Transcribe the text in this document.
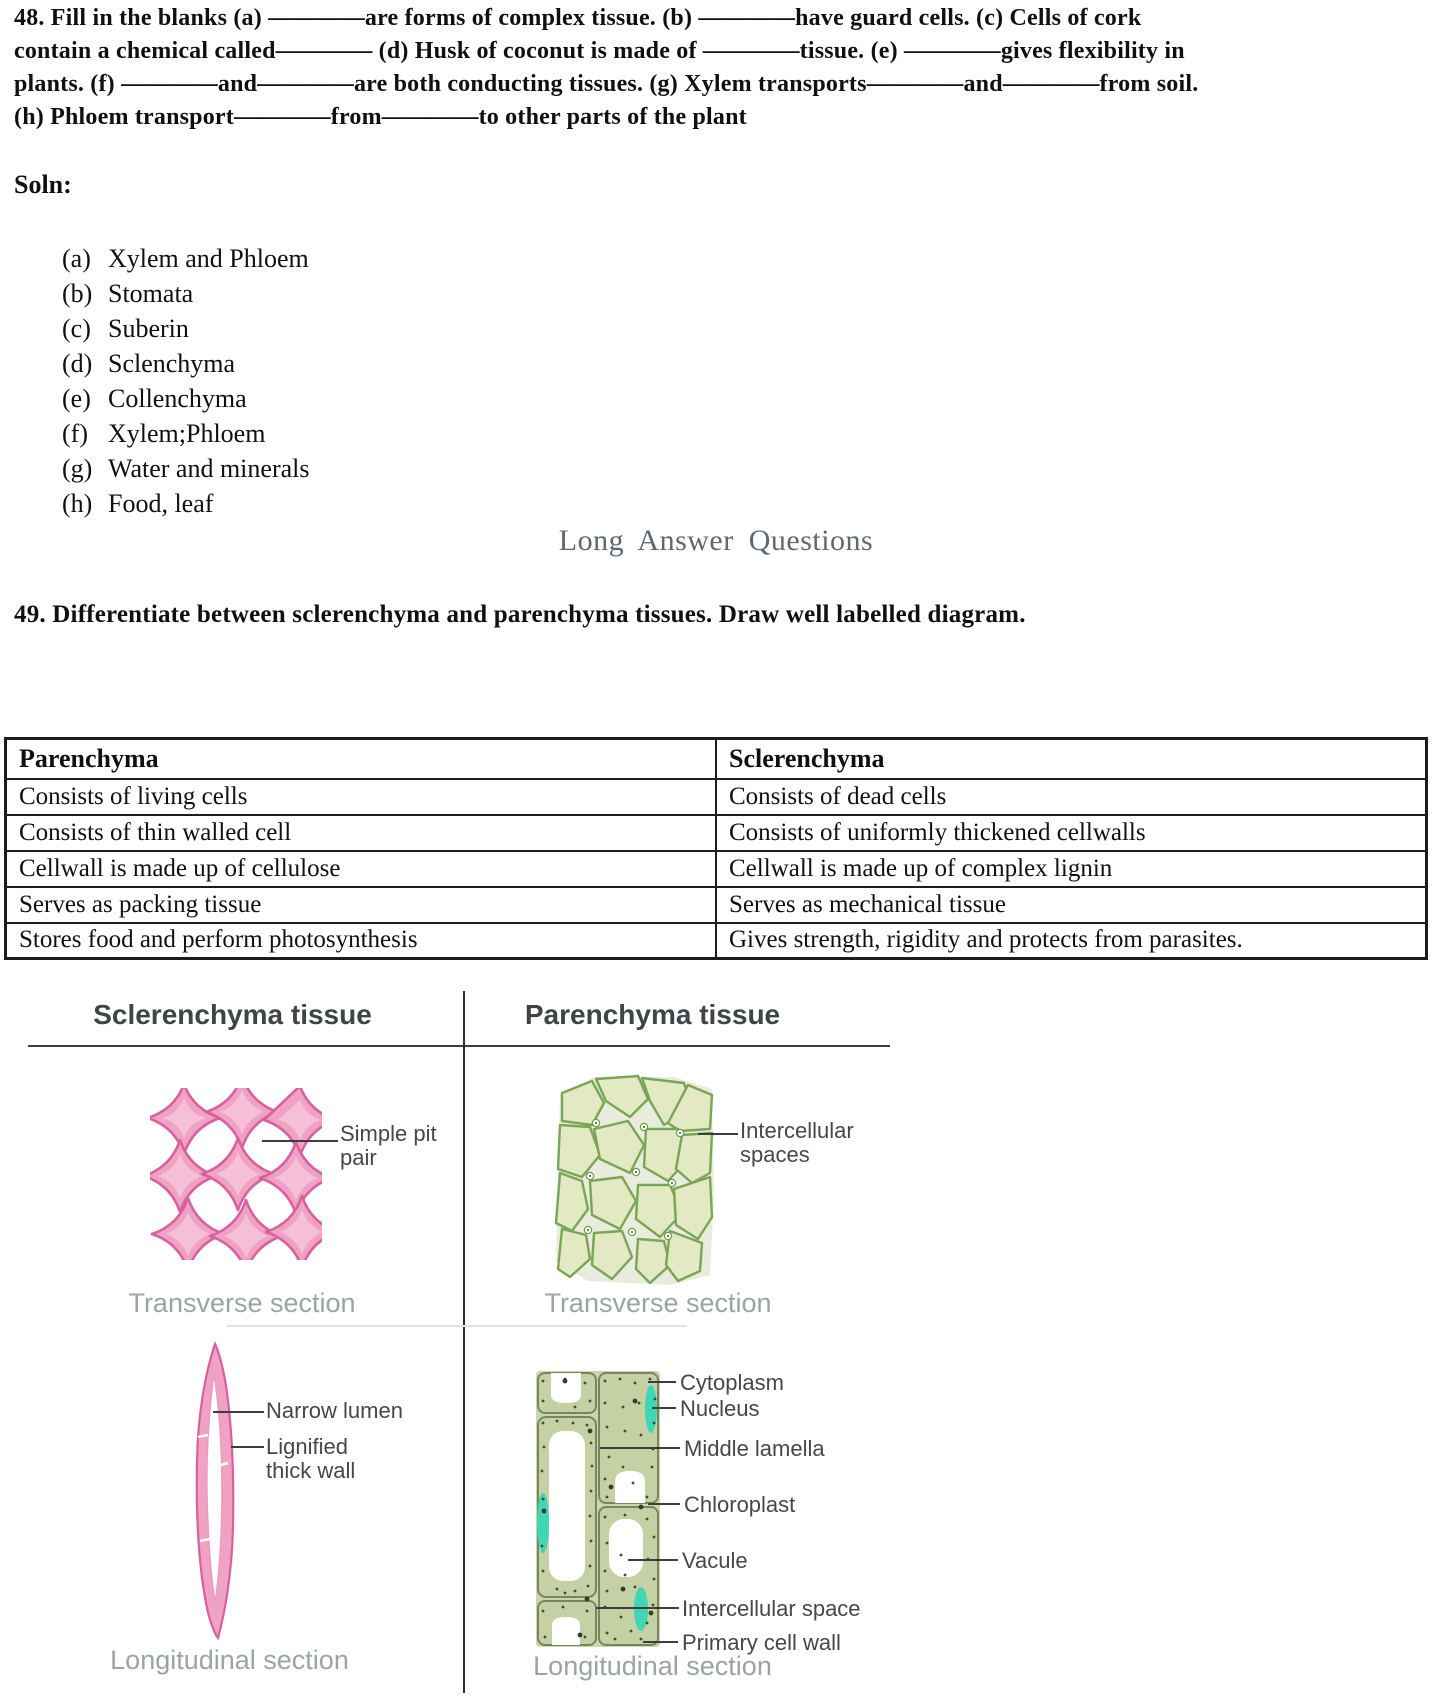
48. Fill in the blanks (a) ————are forms of complex tissue. (b) ————have guard cells. (c) Cells of cork
contain a chemical called———— (d) Husk of coconut is made of ————tissue. (e) ————gives flexibility in
plants. (f) ————and————are both conducting tissues. (g) Xylem transports————and————from soil.
(h) Phloem transport————from————to other parts of the plant
Soln:
(a) Xylem and Phloem
(b) Stomata
(c) Suberin
(d) Sclenchyma
(e) Collenchyma
(f) Xylem;Phloem
(g) Water and minerals
(h) Food, leaf
Long Answer Questions
49. Differentiate between sclerenchyma and parenchyma tissues. Draw well labelled diagram.
Parenchyma	Sclerenchyma
Consists of living cells	Consists of dead cells
Consists of thin walled cell	Consists of uniformly thickened cellwalls
Cellwall is made up of cellulose	Cellwall is made up of complex lignin
Serves as packing tissue	Serves as mechanical tissue
Stores food and perform photosynthesis	Gives strength, rigidity and protects from parasites.
Sclerenchyma tissue	Parenchyma tissue
Simple pit
pair
Transverse section
Intercellular
spaces
Transverse section
Narrow lumen
Lignified
thick wall
Longitudinal section
Cytoplasm
Nucleus
Middle lamella
Chloroplast
Vacule
Intercellular space
Primary cell wall
Longitudinal section
